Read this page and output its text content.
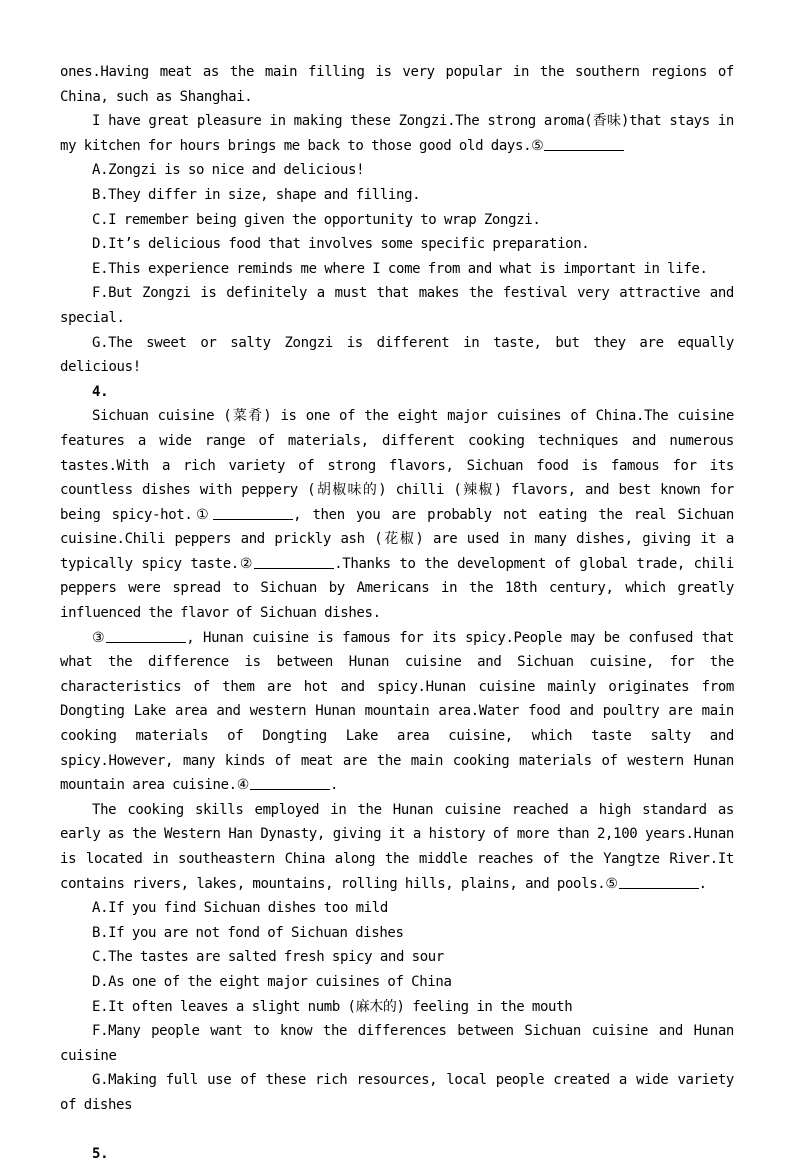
ones.Having meat as the main filling is very popular in the southern regions of China, such as Shanghai.

I have great pleasure in making these Zongzi.The strong aroma(香味)that stays in my kitchen for hours brings me back to those good old days.⑤

A.Zongzi is so nice and delicious!

B.They differ in size, shape and filling.

C.I remember being given the opportunity to wrap Zongzi.

D.It’s delicious food that involves some specific preparation.

E.This experience reminds me where I come from and what is important in life.

F.But Zongzi is definitely a must that makes the festival very attractive and special.

G.The sweet or salty Zongzi is different in taste, but they are equally delicious!

4.

Sichuan cuisine (菜肴) is one of the eight major cuisines of China.The cuisine features a wide range of materials, different cooking techniques and numerous tastes.With a rich variety of strong flavors, Sichuan food is famous for its countless dishes with peppery (胡椒味的) chilli (辣椒) flavors, and best known for being spicy-hot.①	, then you are probably not eating the real Sichuan cuisine.Chili peppers and prickly ash (花椒) are used in many dishes, giving it a typically spicy taste.②	.Thanks to the development of global trade, chili peppers were spread to Sichuan by Americans in the 18th century, which greatly influenced the flavor of Sichuan dishes.

③	, Hunan cuisine is famous for its spicy.People may be confused that what the difference is between Hunan cuisine and Sichuan cuisine, for the characteristics of them are hot and spicy.Hunan cuisine mainly originates from Dongting Lake area and western Hunan mountain area.Water food and poultry are main cooking materials of Dongting Lake area cuisine, which taste salty and spicy.However, many kinds of meat are the main cooking materials of western Hunan mountain area cuisine.④	.

The cooking skills employed in the Hunan cuisine reached a high standard as early as the Western Han Dynasty, giving it a history of more than 2,100 years.Hunan is located in southeastern China along the middle reaches of the Yangtze River.It contains rivers, lakes, mountains, rolling hills, plains, and pools.⑤	.

A.If you find Sichuan dishes too mild

B.If you are not fond of Sichuan dishes

C.The tastes are salted fresh spicy and sour

D.As one of the eight major cuisines of China

E.It often leaves a slight numb (麻木的) feeling in the mouth

F.Many people want to know the differences between Sichuan cuisine and Hunan cuisine

G.Making full use of these rich resources, local people created a wide variety of dishes

5.
